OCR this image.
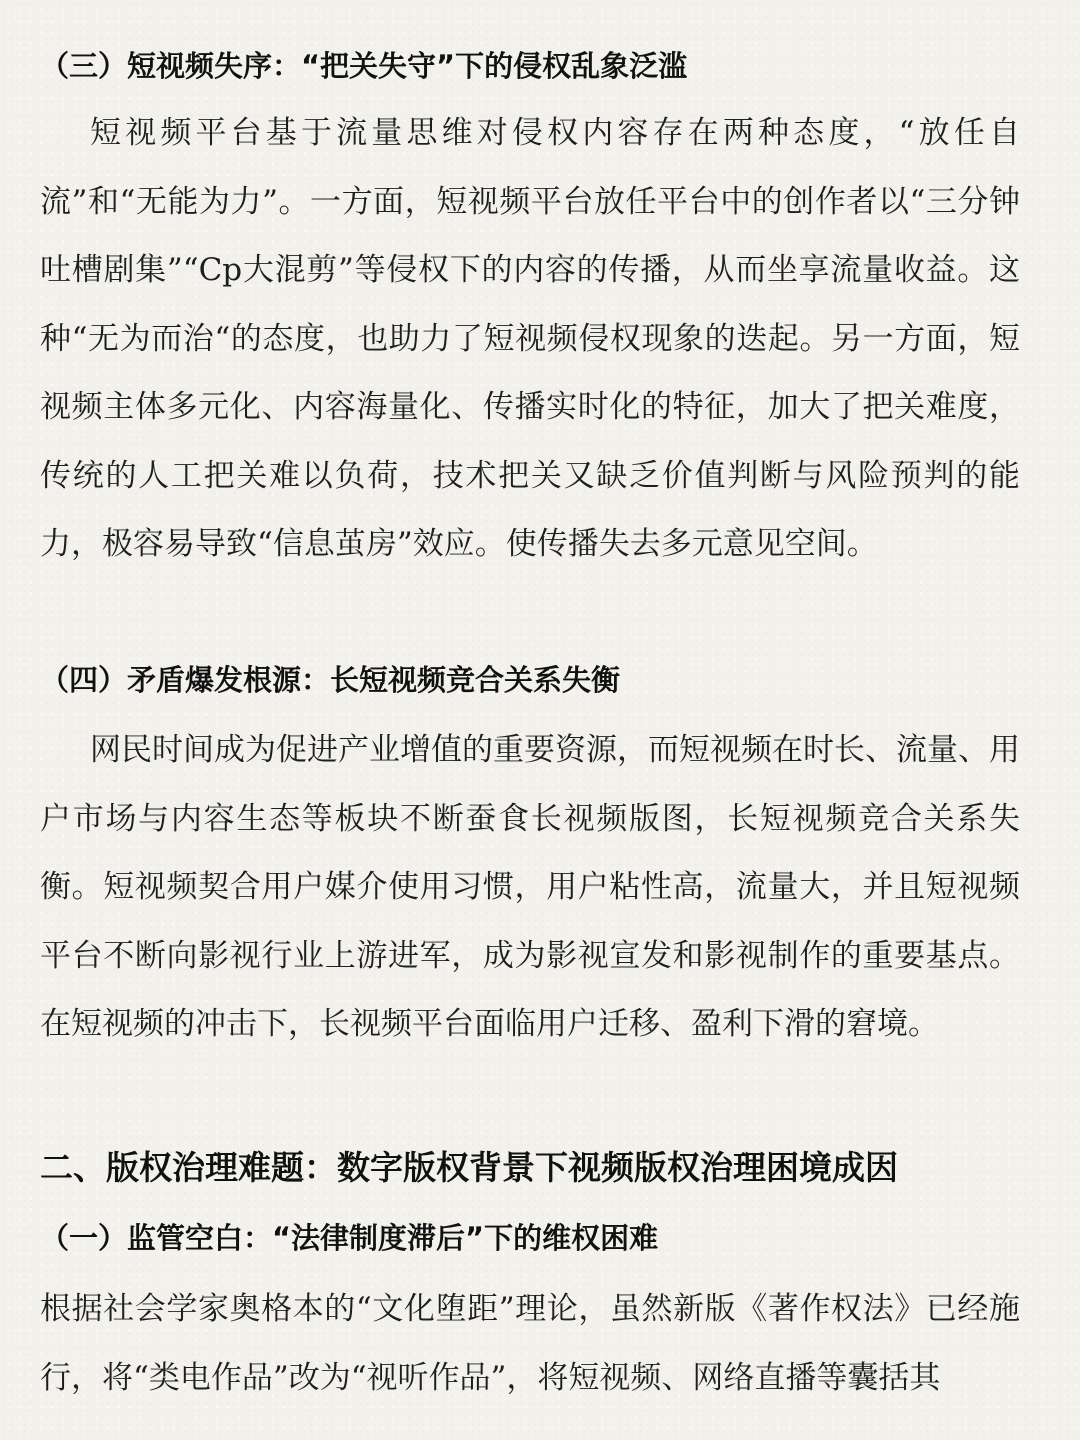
（三）短视频失序：“把关失守”下的侵权乱象泛滥
短视频平台基于流量思维对侵权内容存在两种态度，“放任自流”和“无能为力”。一方面，短视频平台放任平台中的创作者以“三分钟吐槽剧集”“Cp大混剪”等侵权下的内容的传播，从而坐享流量收益。这种“无为而治“的态度，也助力了短视频侵权现象的迭起。另一方面，短视频主体多元化、内容海量化、传播实时化的特征，加大了把关难度，传统的人工把关难以负荷，技术把关又缺乏价值判断与风险预判的能力，极容易导致“信息茧房”效应。使传播失去多元意见空间。
（四）矛盾爆发根源：长短视频竞合关系失衡
网民时间成为促进产业增值的重要资源，而短视频在时长、流量、用户市场与内容生态等板块不断蚕食长视频版图，长短视频竞合关系失衡。短视频契合用户媒介使用习惯，用户粘性高，流量大，并且短视频平台不断向影视行业上游进军，成为影视宣发和影视制作的重要基点。在短视频的冲击下，长视频平台面临用户迁移、盈利下滑的窘境。
二、版权治理难题：数字版权背景下视频版权治理困境成因
（一）监管空白：“法律制度滞后”下的维权困难
根据社会学家奥格本的“文化堕距”理论，虽然新版《著作权法》已经施行，将“类电作品”改为“视听作品”，将短视频、网络直播等囊括其
